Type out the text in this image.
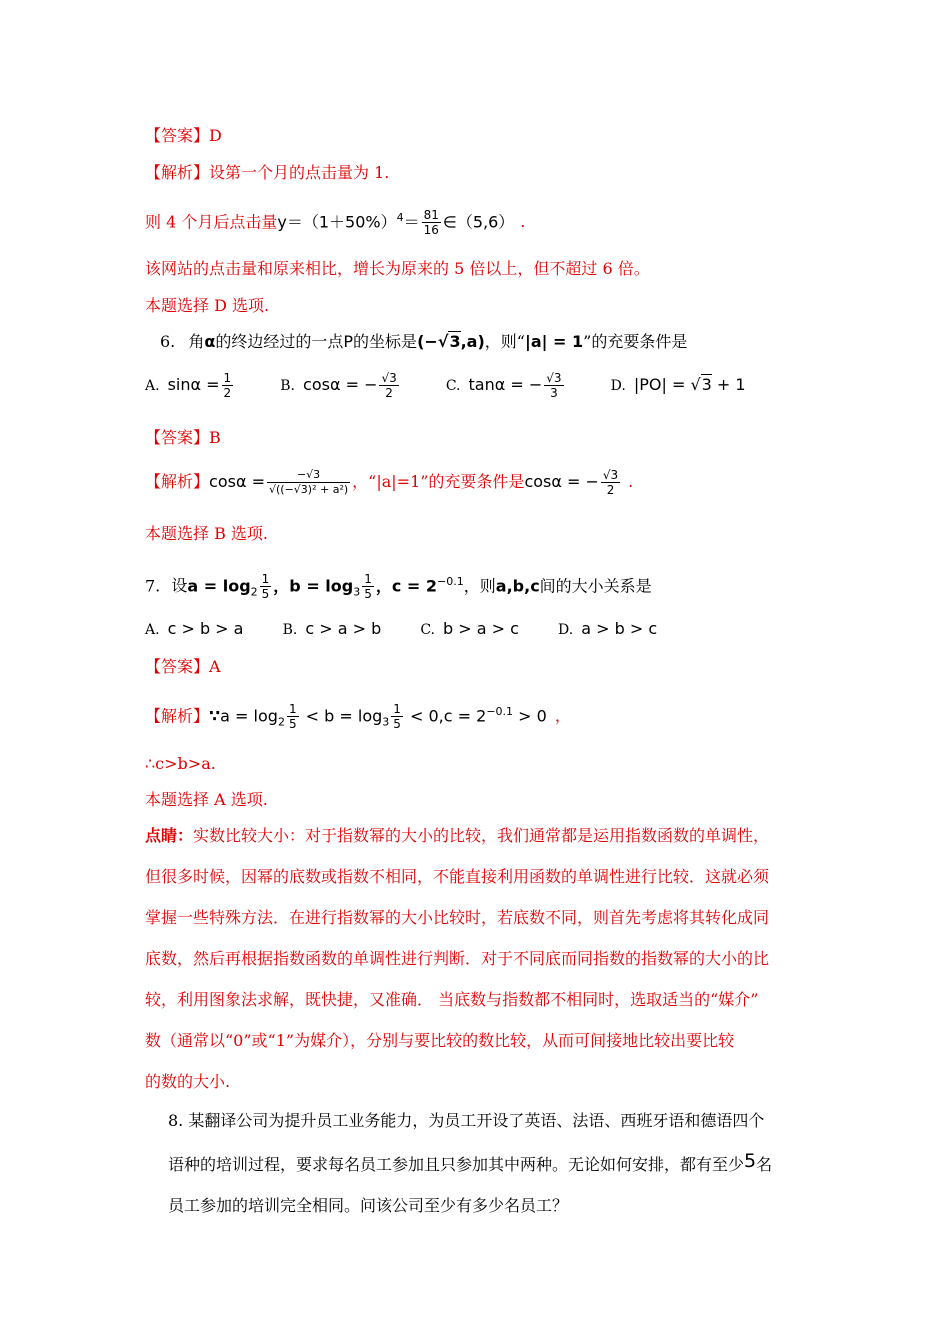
【答案】D
【解析】设第一个月的点击量为 1.
则 4 个月后点击量$y=(1+50\%)^4= \frac{81}{16}$ ∈（5,6） .
该网站的点击量和原来相比，增长为原来的 5 倍以上，但不超过 6 倍。
本题选择 D 选项.
6. 角α的终边经过的一点P的坐标是(−√3,a)，则“|a| = 1”的充要条件是
A. $\sin\alpha = \frac{1}{2}$	B. cosα = − $\frac{√3}{2}$	C. tanα = − $\frac{√3}{3}$	D. |PO| = √3 + 1
【答案】B
【解析】$\cos\alpha = \frac{-√3}{\text{√((−√3)² + a²)}}$ ，“|a|=1”的充要条件是cosα = − $\frac{√3}{2}$ .
本题选择 B 选项.
7. 设$a = \log_2 \frac{1}{5}$ ，$b = \log_3 \frac{1}{5}$ ，$c = 2^{-0.1}$，则a,b,c间的大小关系是
A. c > b > a	B. c > a > b	C. b > a > c	D. a > b > c
【答案】A
【解析】∵a = $\log_2 \frac{1}{5} < b = \log_3 \frac{1}{5} < 0,c = 2^{-0.1} > 0$ ，
∴c>b>a.
本题选择 A 选项.
点睛：实数比较大小：对于指数幂的大小的比较，我们通常都是运用指数函数的单调性，
但很多时候，因幂的底数或指数不相同，不能直接利用函数的单调性进行比较．这就必须
掌握一些特殊方法．在进行指数幂的大小比较时，若底数不同，则首先考虑将其转化成同
底数，然后再根据指数函数的单调性进行判断．对于不同底而同指数的指数幂的大小的比
较，利用图象法求解，既快捷，又准确． 当底数与指数都不相同时，选取适当的“媒介”
数（通常以“0”或“1”为媒介），分别与要比较的数比较，从而可间接地比较出要比较
的数的大小.
8. 某翻译公司为提升员工业务能力，为员工开设了英语、法语、西班牙语和德语四个
语种的培训过程，要求每名员工参加且只参加其中两种。无论如何安排，都有至少5名
员工参加的培训完全相同。问该公司至少有多少名员工？
